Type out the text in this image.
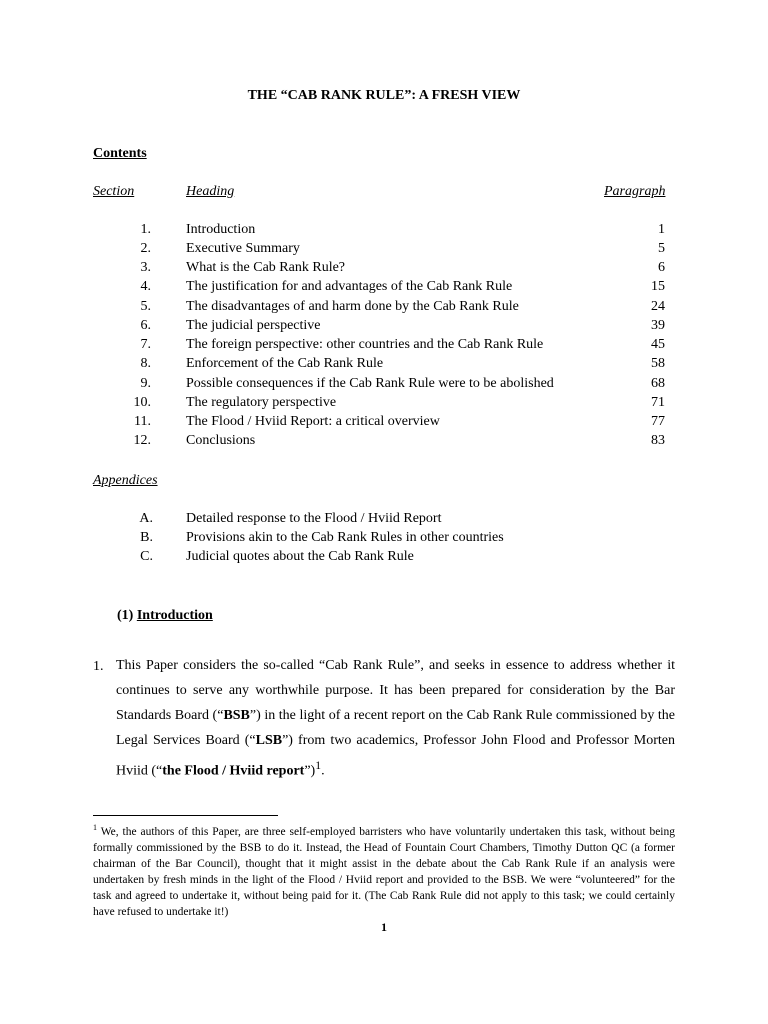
THE “CAB RANK RULE”: A FRESH VIEW
Contents
Section	Heading	Paragraph
1.	Introduction	1
2.	Executive Summary	5
3.	What is the Cab Rank Rule?	6
4.	The justification for and advantages of the Cab Rank Rule	15
5.	The disadvantages of and harm done by the Cab Rank Rule	24
6.	The judicial perspective	39
7.	The foreign perspective: other countries and the Cab Rank Rule	45
8.	Enforcement of the Cab Rank Rule	58
9.	Possible consequences if the Cab Rank Rule were to be abolished	68
10.	The regulatory perspective	71
11.	The Flood / Hviid Report: a critical overview	77
12.	Conclusions	83
Appendices
A. Detailed response to the Flood / Hviid Report
B. Provisions akin to the Cab Rank Rules in other countries
C. Judicial quotes about the Cab Rank Rule
(1) Introduction
1. This Paper considers the so-called “Cab Rank Rule”, and seeks in essence to address whether it continues to serve any worthwhile purpose. It has been prepared for consideration by the Bar Standards Board (“BSB”) in the light of a recent report on the Cab Rank Rule commissioned by the Legal Services Board (“LSB”) from two academics, Professor John Flood and Professor Morten Hviid (“the Flood / Hviid report”)$^1$.
$^1$ We, the authors of this Paper, are three self-employed barristers who have voluntarily undertaken this task, without being formally commissioned by the BSB to do it. Instead, the Head of Fountain Court Chambers, Timothy Dutton QC (a former chairman of the Bar Council), thought that it might assist in the debate about the Cab Rank Rule if an analysis were undertaken by fresh minds in the light of the Flood / Hviid report and provided to the BSB. We were “volunteered” for the task and agreed to undertake it, without being paid for it. (The Cab Rank Rule did not apply to this task; we could certainly have refused to undertake it!)
1
